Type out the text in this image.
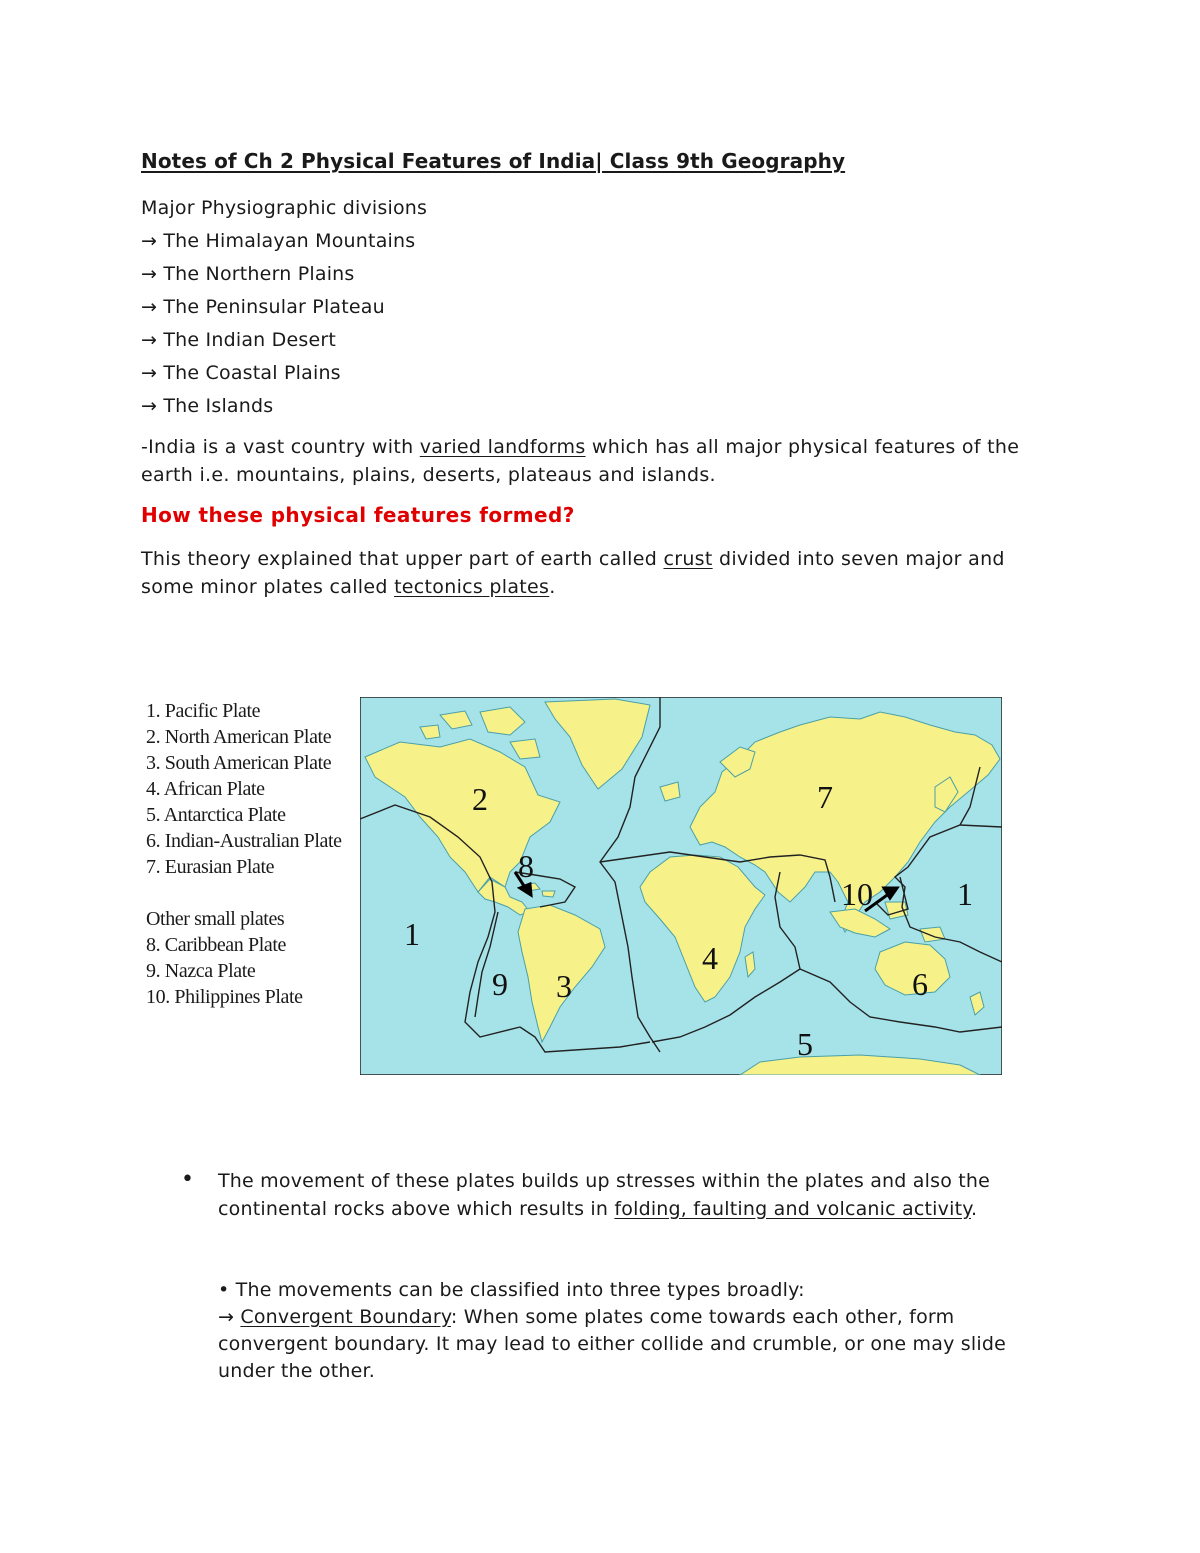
Notes of Ch 2 Physical Features of India| Class 9th Geography
Major Physiographic divisions
→ The Himalayan Mountains
→ The Northern Plains
→ The Peninsular Plateau
→ The Indian Desert
→ The Coastal Plains
→ The Islands
-India is a vast country with varied landforms which has all major physical features of the earth i.e. mountains, plains, deserts, plateaus and islands.
How these physical features formed?
This theory explained that upper part of earth called crust divided into seven major and some minor plates called tectonics plates.
1. Pacific Plate
2. North American Plate
3. South American Plate
4. African Plate
5. Antarctica Plate
6. Indian-Australian Plate
7. Eurasian Plate
Other small plates
8. Caribbean Plate
9. Nazca Plate
10. Philippines Plate
1
2
3
4
5
6
7
8
9
10	1
• The movement of these plates builds up stresses within the plates and also the continental rocks above which results in folding, faulting and volcanic activity.
• The movements can be classified into three types broadly:
→ Convergent Boundary: When some plates come towards each other, form convergent boundary. It may lead to either collide and crumble, or one may slide under the other.
